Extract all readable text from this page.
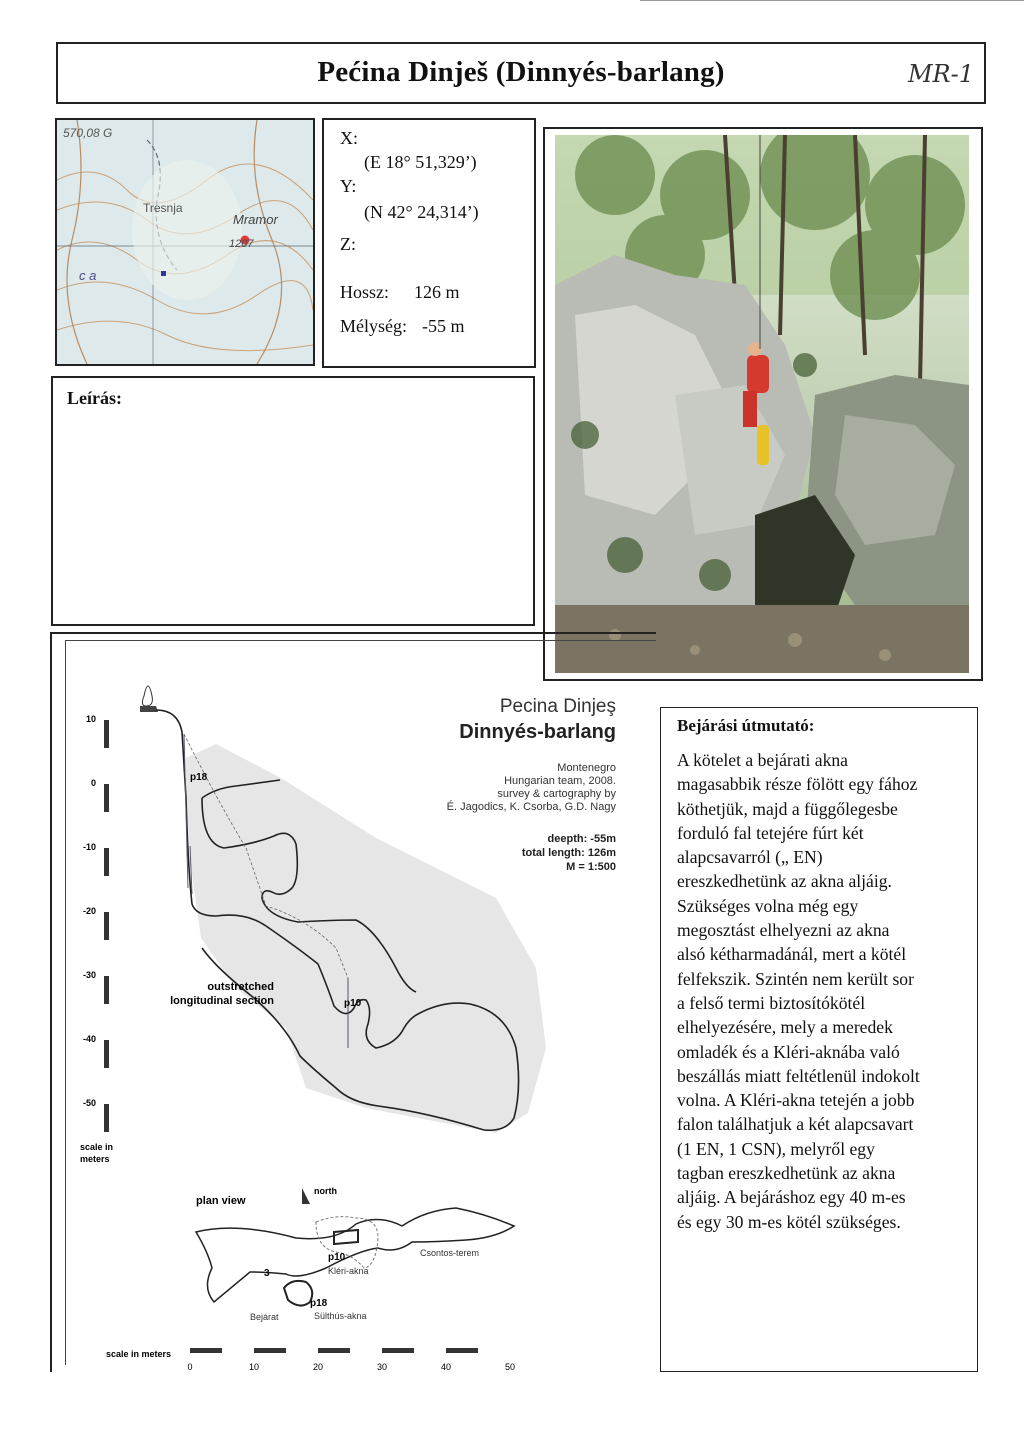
Pećina Dinješ (Dinnyés-barlang)	MR-1
570,08 G
Tresnja
Mramor
1207
c a
X:
(E 18° 51,329’)
Y:
(N 42° 24,314’)
Z:
Hossz: 126 m
Mélység: -55 m
Leírás:
Pecina Dinjeş
Dinnyés-barlang
Montenegro
Hungarian team, 2008.
survey & cartography by
É. Jagodics, K. Csorba, G.D. Nagy
deepth: -55m
total length: 126m
M = 1:500
10
0
-10
-20
-30
-40
-50
scale in
meters
p18
p10
outstretched
longitudinal section
plan view
north
p10
Kléri-akna
Csontos-terem
3
p18
Bejárat	Sülthús-akna
scale in meters
0	10	20	30	40	50
Bejárási útmutató:
A kötelet a bejárati akna
magasabbik része fölött egy fához
köthetjük, majd a függőlegesbe
forduló fal tetejére fúrt két
alapcsavarról („ EN)
ereszkedhetünk az akna aljáig.
Szükséges volna még egy
megosztást elhelyezni az akna
alsó kétharmadánál, mert a kötél
felfekszik. Szintén nem került sor
a felső termi biztosítókötél
elhelyezésére, mely a meredek
omladék és a Kléri-aknába való
beszállás miatt feltétlenül indokolt
volna. A Kléri-akna tetején a jobb
falon találhatjuk a két alapcsavart
(1 EN, 1 CSN), melyről egy
tagban ereszkedhetünk az akna
aljáig. A bejáráshoz egy 40 m-es
és egy 30 m-es kötél szükséges.
